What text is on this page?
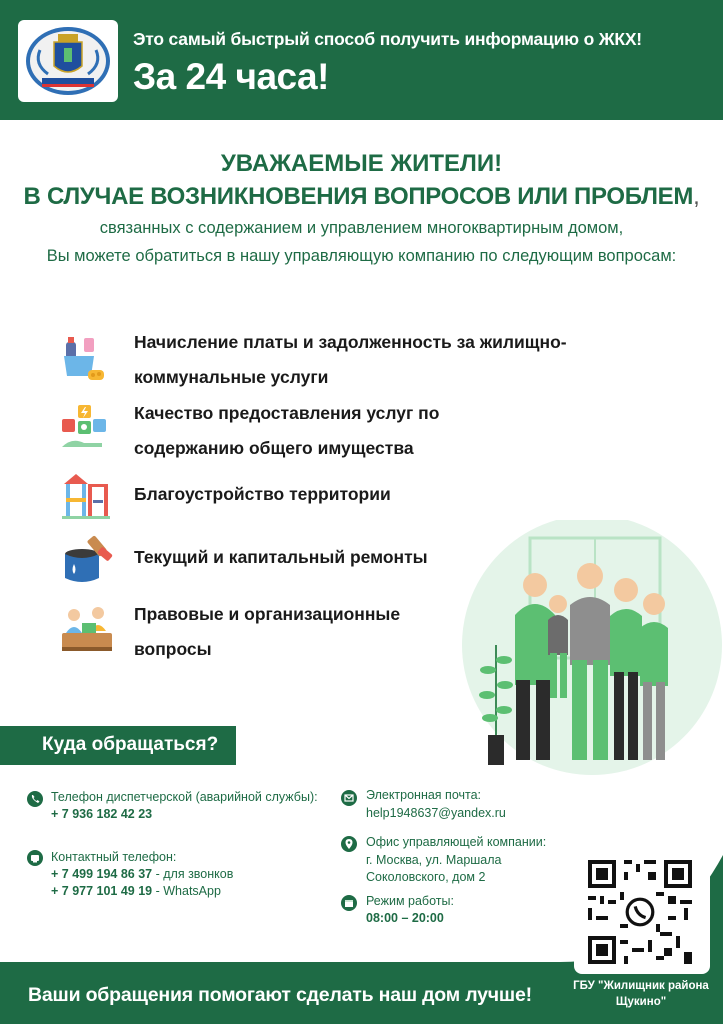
Это самый быстрый способ получить информацию о ЖКХ!
За 24 часа!
УВАЖАЕМЫЕ ЖИТЕЛИ!
В СЛУЧАЕ ВОЗНИКНОВЕНИЯ ВОПРОСОВ ИЛИ ПРОБЛЕМ,
связанных с содержанием и управлением многоквартирным домом,
Вы можете обратиться в нашу управляющую компанию по следующим вопросам:
Начисление платы и задолженность за жилищно-
коммунальные услуги
Качество предоставления услуг по
содержанию общего имущества
Благоустройство территории
Текущий и капитальный ремонты
Правовые и организационные
вопросы
Куда обращаться?
Телефон диспетчерской (аварийной службы):
+ 7 936 182 42 23
Контактный телефон:
+ 7 499 194 86 37 - для звонков
+ 7 977 101 49 19 - WhatsApp
Электронная почта:
help1948637@yandex.ru
Офис управляющей компании:
г. Москва, ул. Маршала
Соколовского, дом 2
Режим работы:
08:00 – 20:00
ГБУ "Жилищник района
Щукино"
Ваши обращения помогают сделать наш дом лучше!
